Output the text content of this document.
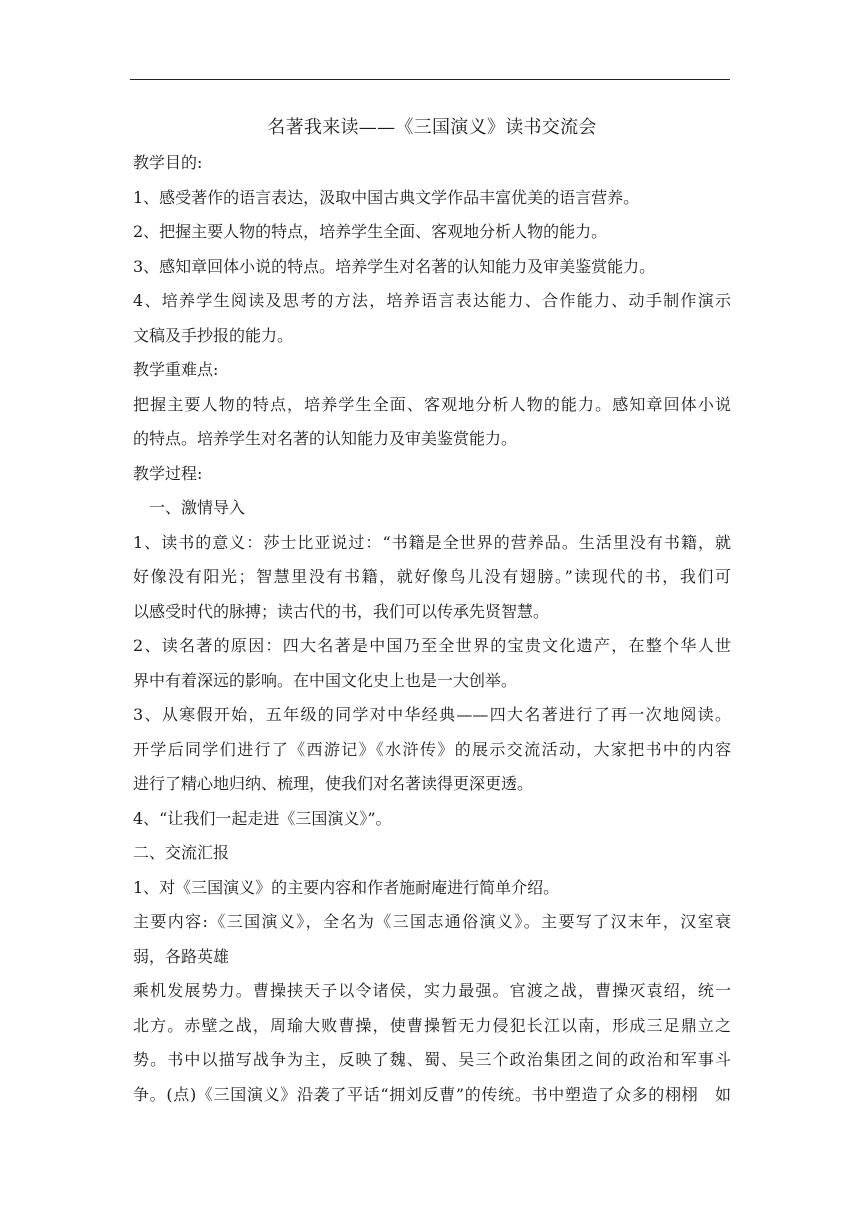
名著我来读——《三国演义》读书交流会
教学目的:
1、感受著作的语言表达，汲取中国古典文学作品丰富优美的语言营养。
2、把握主要人物的特点，培养学生全面、客观地分析人物的能力。
3、感知章回体小说的特点。培养学生对名著的认知能力及审美鉴赏能力。
4、培养学生阅读及思考的方法，培养语言表达能力、合作能力、动手制作演示
文稿及手抄报的能力。
教学重难点:
把握主要人物的特点，培养学生全面、客观地分析人物的能力。感知章回体小说
的特点。培养学生对名著的认知能力及审美鉴赏能力。
教学过程:
一、激情导入
1、读书的意义：莎士比亚说过：“书籍是全世界的营养品。生活里没有书籍，就
好像没有阳光；智慧里没有书籍，就好像鸟儿没有翅膀。”读现代的书，我们可
以感受时代的脉搏；读古代的书，我们可以传承先贤智慧。
2、读名著的原因：四大名著是中国乃至全世界的宝贵文化遗产，在整个华人世
界中有着深远的影响。在中国文化史上也是一大创举。
3、从寒假开始，五年级的同学对中华经典——四大名著进行了再一次地阅读。
开学后同学们进行了《西游记》《水浒传》的展示交流活动，大家把书中的内容
进行了精心地归纳、梳理，使我们对名著读得更深更透。
4、“让我们一起走进《三国演义》”。
二、交流汇报
1、对《三国演义》的主要内容和作者施耐庵进行简单介绍。
主要内容:《三国演义》，全名为《三国志通俗演义》。主要写了汉末年，汉室衰
弱，各路英雄
乘机发展势力。曹操挟天子以令诸侯，实力最强。官渡之战，曹操灭袁绍，统一
北方。赤壁之战，周瑜大败曹操，使曹操暂无力侵犯长江以南，形成三足鼎立之
势。书中以描写战争为主，反映了魏、蜀、吴三个政治集团之间的政治和军事斗
争。(点)《三国演义》沿袭了平话“拥刘反曹”的传统。书中塑造了众多的栩栩　如
